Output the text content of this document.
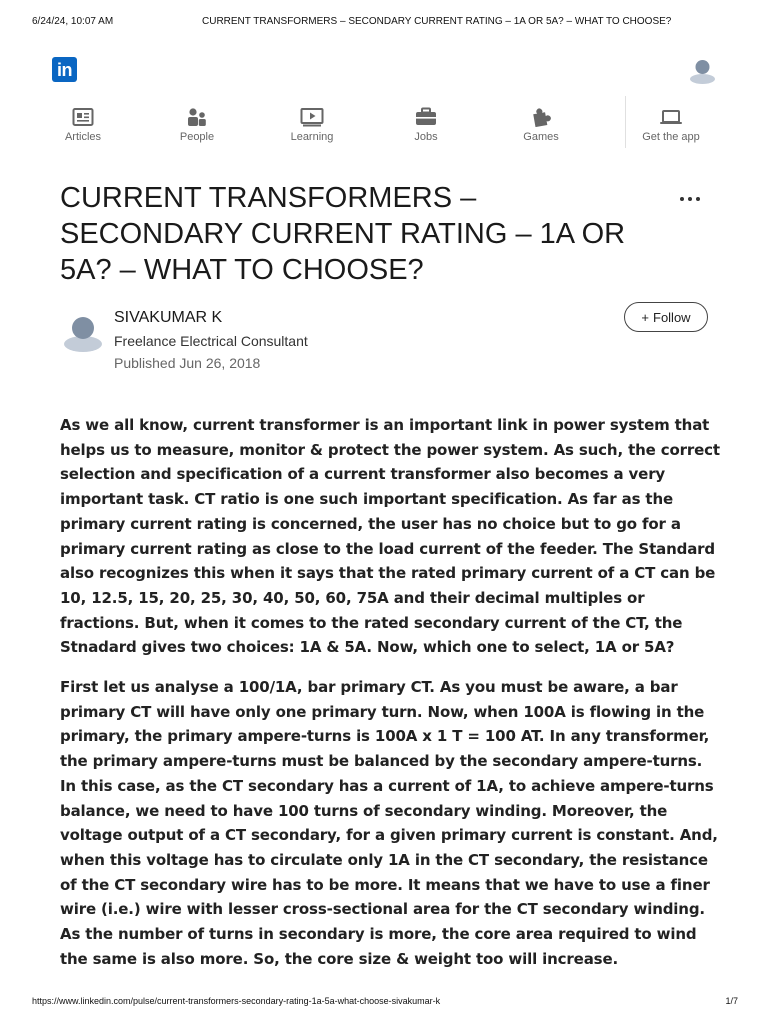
6/24/24, 10:07 AM	CURRENT TRANSFORMERS – SECONDARY CURRENT RATING – 1A OR 5A? – WHAT TO CHOOSE?
in
Articles	People	Learning	Jobs	Games	Get the app
CURRENT TRANSFORMERS – SECONDARY CURRENT RATING – 1A OR 5A? – WHAT TO CHOOSE?
SIVAKUMAR K
Freelance Electrical Consultant
Published Jun 26, 2018
+ Follow

As we all know, current transformer is an important link in power system that helps us to measure, monitor & protect the power system. As such, the correct selection and specification of a current transformer also becomes a very important task. CT ratio is one such important specification. As far as the primary current rating is concerned, the user has no choice but to go for a primary current rating as close to the load current of the feeder. The Standard also recognizes this when it says that the rated primary current of a CT can be 10, 12.5, 15, 20, 25, 30, 40, 50, 60, 75A and their decimal multiples or fractions. But, when it comes to the rated secondary current of the CT, the Stnadard gives two choices: 1A & 5A. Now, which one to select, 1A or 5A?

First let us analyse a 100/1A, bar primary CT. As you must be aware, a bar primary CT will have only one primary turn. Now, when 100A is flowing in the primary, the primary ampere-turns is 100A x 1 T = 100 AT. In any transformer, the primary ampere-turns must be balanced by the secondary ampere-turns. In this case, as the CT secondary has a current of 1A, to achieve ampere-turns balance, we need to have 100 turns of secondary winding. Moreover, the voltage output of a CT secondary, for a given primary current is constant. And, when this voltage has to circulate only 1A in the CT secondary, the resistance of the CT secondary wire has to be more. It means that we have to use a finer wire (i.e.) wire with lesser cross-sectional area for the CT secondary winding. As the number of turns in secondary is more, the core area required to wind the same is also more. So, the core size & weight too will increase.

https://www.linkedin.com/pulse/current-transformers-secondary-rating-1a-5a-what-choose-sivakumar-k	1/7
